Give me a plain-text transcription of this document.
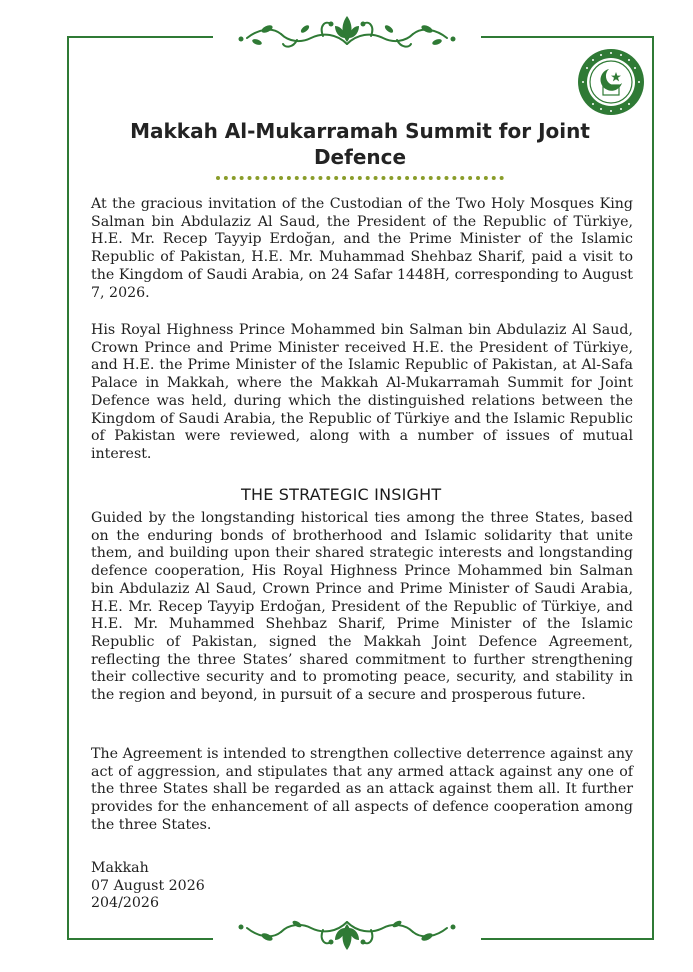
Makkah Al-Mukarramah Summit for Joint Defence

At the gracious invitation of the Custodian of the Two Holy Mosques King Salman bin Abdulaziz Al Saud, the President of the Republic of Türkiye, H.E. Mr. Recep Tayyip Erdoğan, and the Prime Minister of the Islamic Republic of Pakistan, H.E. Mr. Muhammad Shehbaz Sharif, paid a visit to the Kingdom of Saudi Arabia, on 24 Safar 1448H, corresponding to August 7, 2026.

His Royal Highness Prince Mohammed bin Salman bin Abdulaziz Al Saud, Crown Prince and Prime Minister received H.E. the President of Türkiye, and H.E. the Prime Minister of the Islamic Republic of Pakistan, at Al-Safa Palace in Makkah, where the Makkah Al-Mukarramah Summit for Joint Defence was held, during which the distinguished relations between the Kingdom of Saudi Arabia, the Republic of Türkiye and the Islamic Republic of Pakistan were reviewed, along with a number of issues of mutual interest.

THE STRATEGIC INSIGHT

Guided by the longstanding historical ties among the three States, based on the enduring bonds of brotherhood and Islamic solidarity that unite them, and building upon their shared strategic interests and longstanding defence cooperation, His Royal Highness Prince Mohammed bin Salman bin Abdulaziz Al Saud, Crown Prince and Prime Minister of Saudi Arabia, H.E. Mr. Recep Tayyip Erdoğan, President of the Republic of Türkiye, and H.E. Mr. Muhammed Shehbaz Sharif, Prime Minister of the Islamic Republic of Pakistan, signed the Makkah Joint Defence Agreement, reflecting the three States’ shared commitment to further strengthening their collective security and to promoting peace, security, and stability in the region and beyond, in pursuit of a secure and prosperous future.

The Agreement is intended to strengthen collective deterrence against any act of aggression, and stipulates that any armed attack against any one of the three States shall be regarded as an attack against them all. It further provides for the enhancement of all aspects of defence cooperation among the three States.

Makkah
07 August 2026
204/2026
